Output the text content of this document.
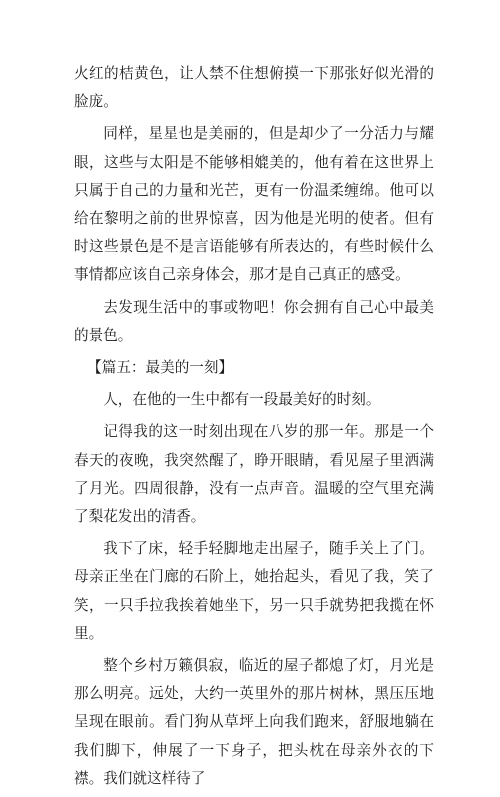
火红的桔黄色，让人禁不住想俯摸一下那张好似光滑的脸庞。

同样，星星也是美丽的，但是却少了一分活力与耀眼，这些与太阳是不能够相媲美的，他有着在这世界上只属于自己的力量和光芒，更有一份温柔缠绵。他可以给在黎明之前的世界惊喜，因为他是光明的使者。但有时这些景色是不是言语能够有所表达的，有些时候什么事情都应该自己亲身体会，那才是自己真正的感受。

去发现生活中的事或物吧！你会拥有自己心中最美的景色。

【篇五：最美的一刻】

人，在他的一生中都有一段最美好的时刻。

记得我的这一时刻出现在八岁的那一年。那是一个春天的夜晚，我突然醒了，睁开眼睛，看见屋子里洒满了月光。四周很静，没有一点声音。温暖的空气里充满了梨花发出的清香。

我下了床，轻手轻脚地走出屋子，随手关上了门。母亲正坐在门廊的石阶上，她抬起头，看见了我，笑了笑，一只手拉我挨着她坐下，另一只手就势把我揽在怀里。

整个乡村万籁俱寂，临近的屋子都熄了灯，月光是那么明亮。远处，大约一英里外的那片树林，黑压压地呈现在眼前。看门狗从草坪上向我们跑来，舒服地躺在我们脚下，伸展了一下身子，把头枕在母亲外衣的下襟。我们就这样待了
